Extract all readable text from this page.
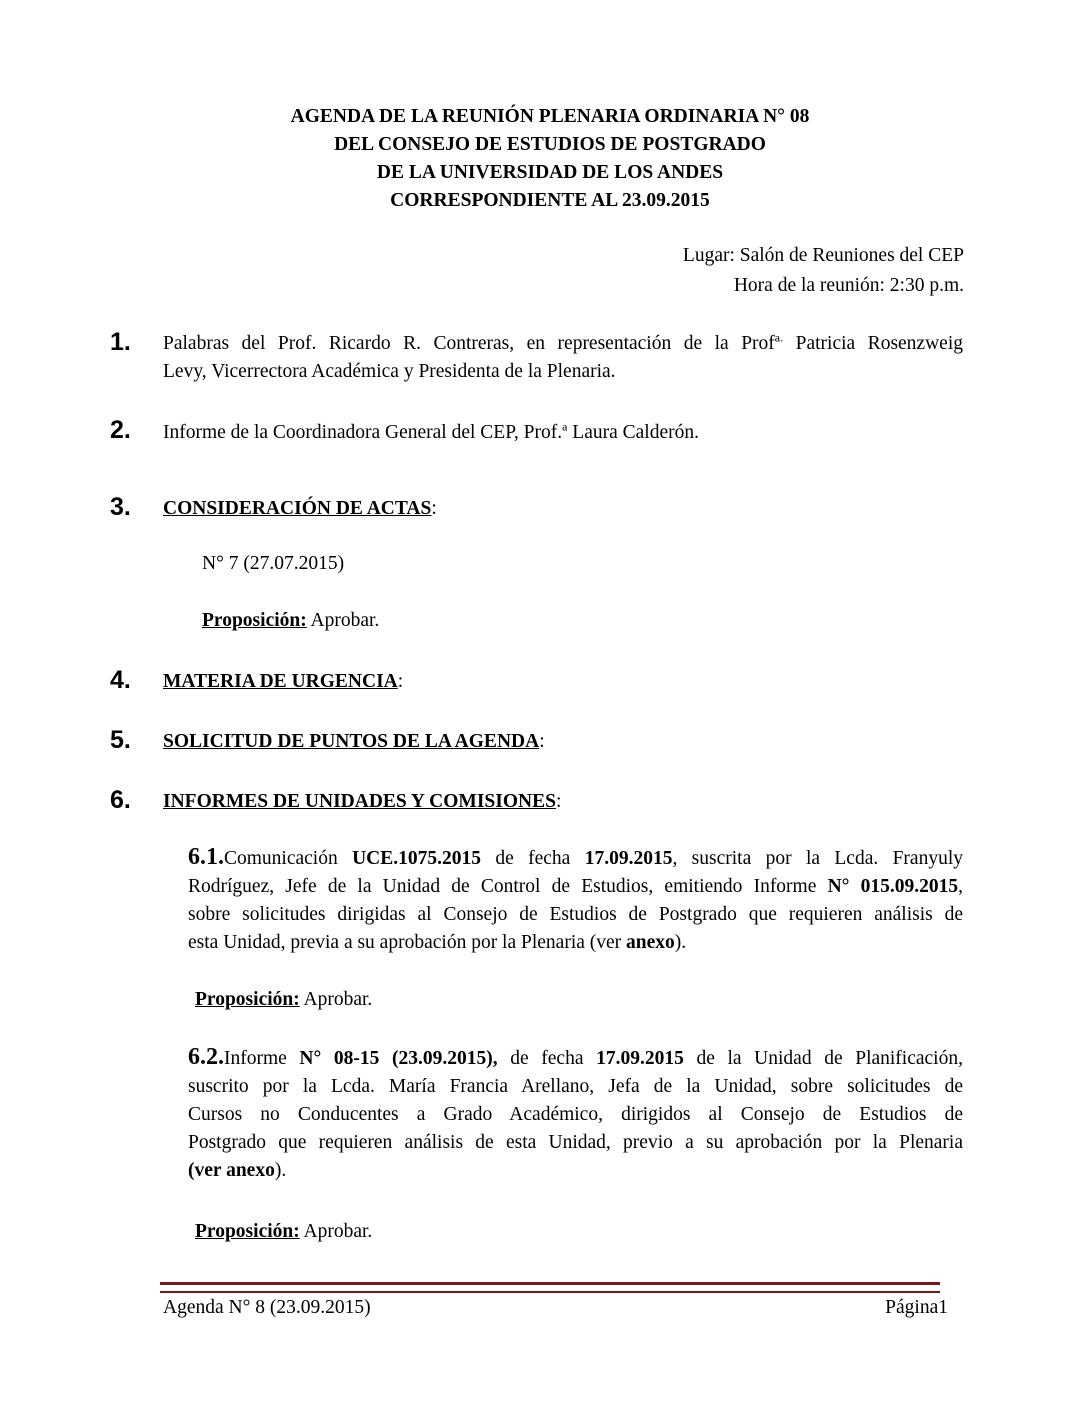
AGENDA DE LA REUNIÓN PLENARIA ORDINARIA N° 08
DEL CONSEJO DE ESTUDIOS DE POSTGRADO
DE LA UNIVERSIDAD DE LOS ANDES
CORRESPONDIENTE AL 23.09.2015
Lugar: Salón de Reuniones del CEP
Hora de la reunión: 2:30 p.m.
1. Palabras del Prof. Ricardo R. Contreras, en representación de la Prof$^{a.}$ Patricia Rosenzweig
Levy, Vicerrectora Académica y Presidenta de la Plenaria.
2. Informe de la Coordinadora General del CEP, Prof.$^a$ Laura Calderón.
3. CONSIDERACIÓN DE ACTAS:
N° 7 (27.07.2015)
Proposición: Aprobar.
4. MATERIA DE URGENCIA:
5. SOLICITUD DE PUNTOS DE LA AGENDA:
6. INFORMES DE UNIDADES Y COMISIONES:
6.1.Comunicación UCE.1075.2015 de fecha 17.09.2015, suscrita por la Lcda. Franyuly
Rodríguez, Jefe de la Unidad de Control de Estudios, emitiendo Informe N° 015.09.2015,
sobre solicitudes dirigidas al Consejo de Estudios de Postgrado que requieren análisis de
esta Unidad, previa a su aprobación por la Plenaria (ver anexo).
Proposición: Aprobar.
6.2.Informe N° 08-15 (23.09.2015), de fecha 17.09.2015 de la Unidad de Planificación,
suscrito por la Lcda. María Francia Arellano, Jefa de la Unidad, sobre solicitudes de
Cursos no Conducentes a Grado Académico, dirigidos al Consejo de Estudios de
Postgrado que requieren análisis de esta Unidad, previo a su aprobación por la Plenaria
(ver anexo).
Proposición: Aprobar.
Agenda N° 8 (23.09.2015)	Página1
